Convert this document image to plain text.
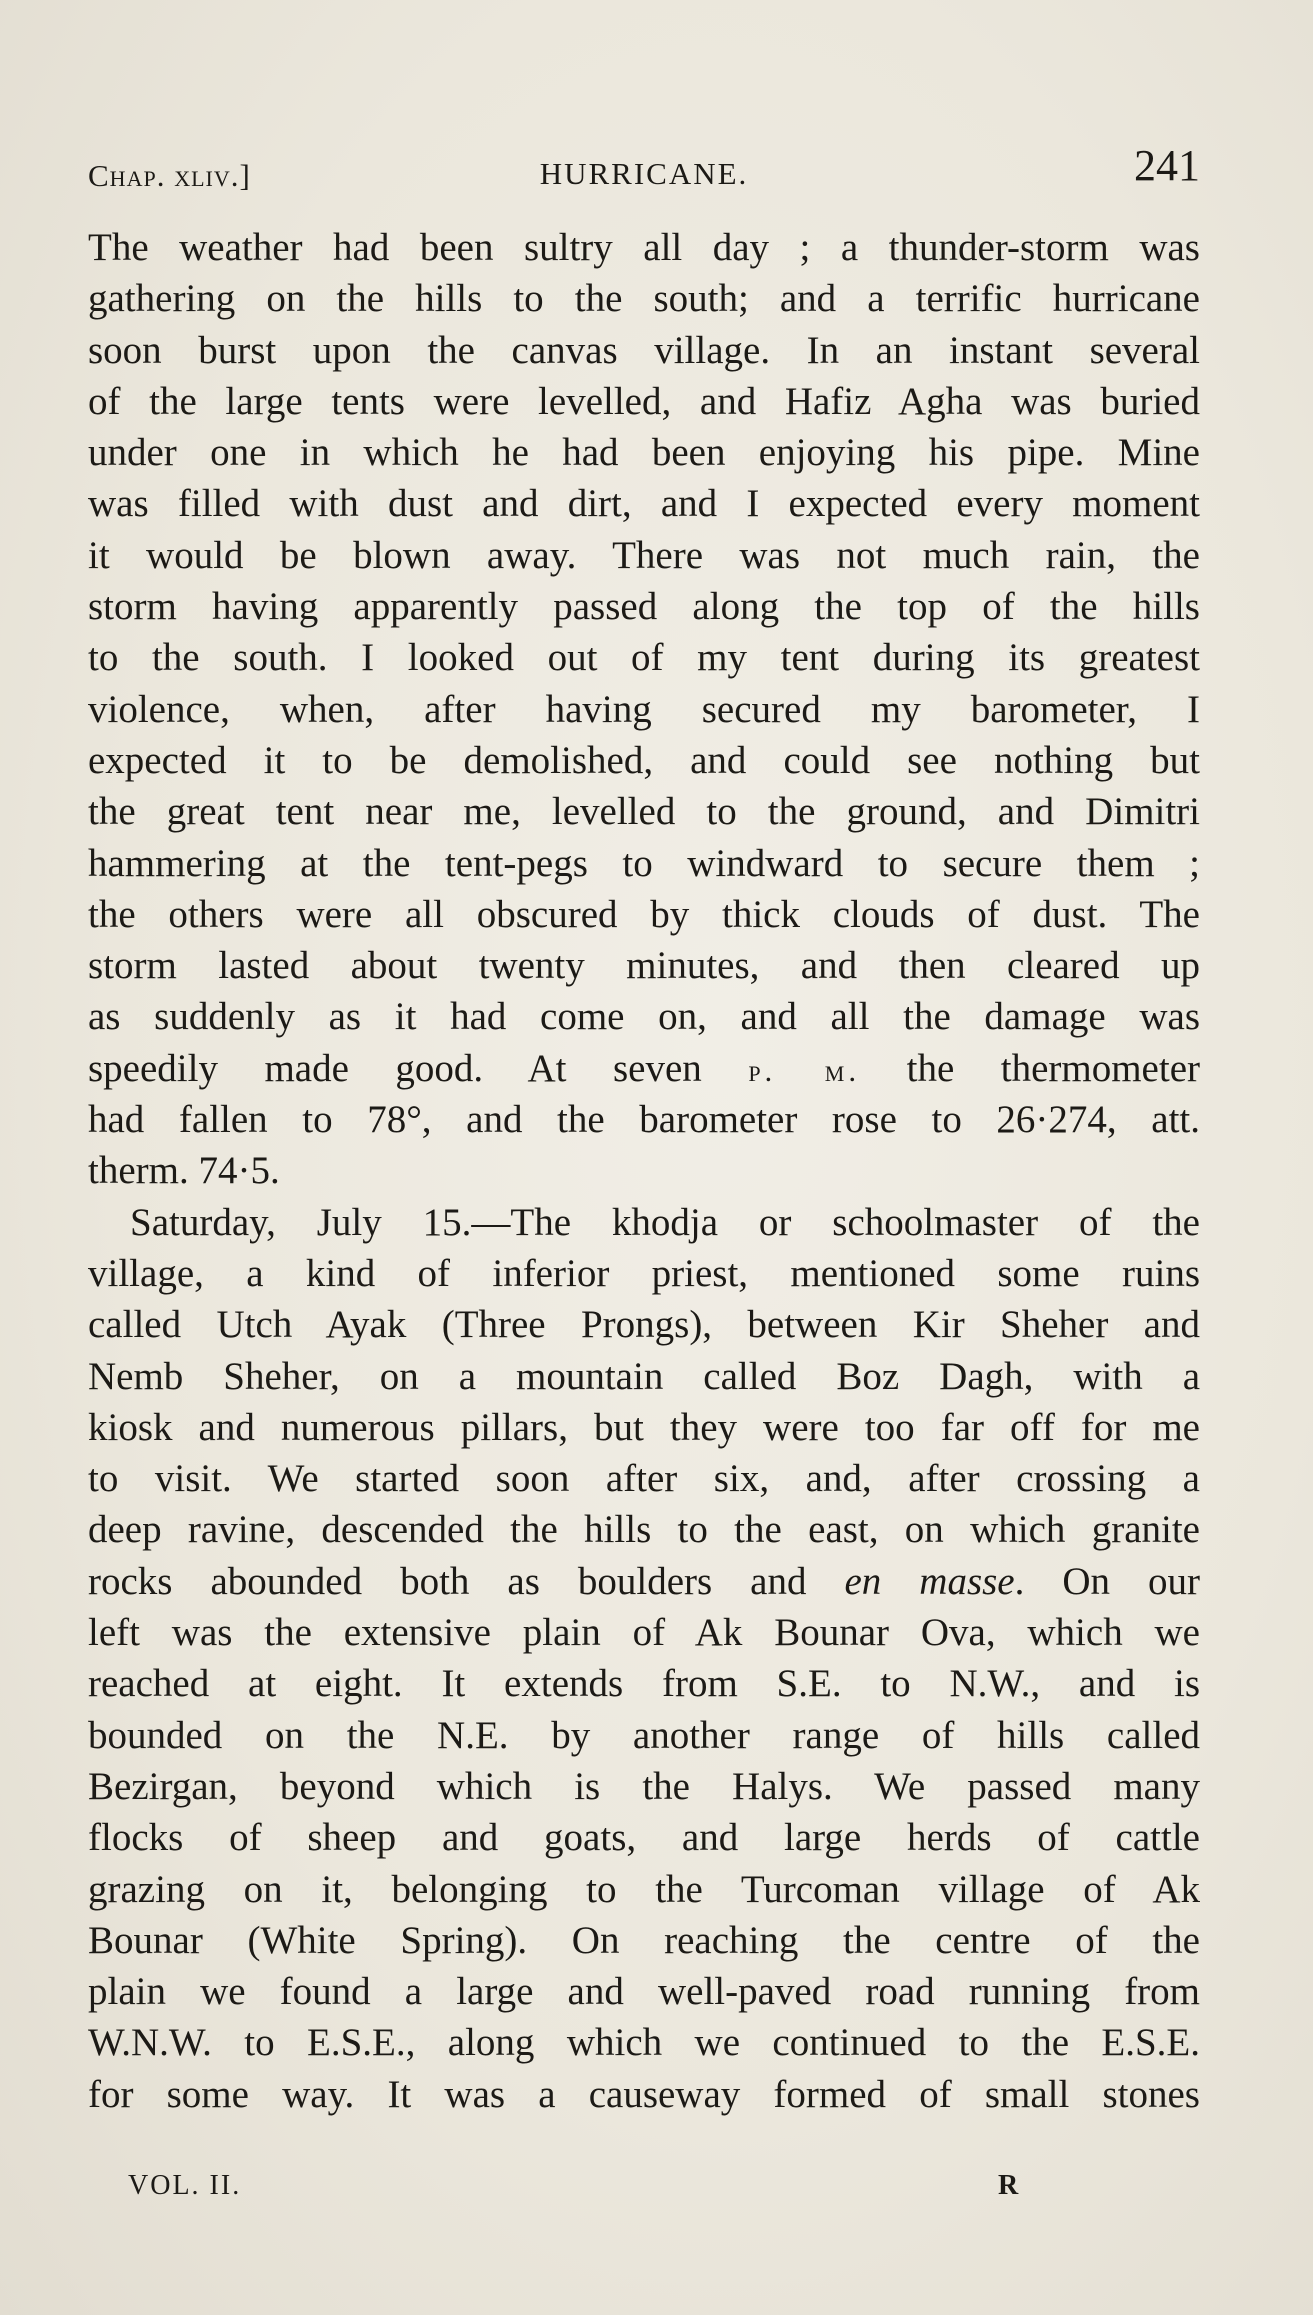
Chap. xliv.]	HURRICANE.	241
The weather had been sultry all day ; a thunder-storm was
gathering on the hills to the south; and a terrific hurricane
soon burst upon the canvas village. In an instant several
of the large tents were levelled, and Hafiz Agha was buried
under one in which he had been enjoying his pipe. Mine
was filled with dust and dirt, and I expected every moment
it would be blown away. There was not much rain, the
storm having apparently passed along the top of the hills
to the south. I looked out of my tent during its greatest
violence, when, after having secured my barometer, I
expected it to be demolished, and could see nothing but
the great tent near me, levelled to the ground, and Dimitri
hammering at the tent-pegs to windward to secure them ;
the others were all obscured by thick clouds of dust. The
storm lasted about twenty minutes, and then cleared up
as suddenly as it had come on, and all the damage was
speedily made good. At seven p. m. the thermometer
had fallen to 78°, and the barometer rose to 26·274, att.
therm. 74·5.
Saturday, July 15.—The khodja or schoolmaster of the
village, a kind of inferior priest, mentioned some ruins
called Utch Ayak (Three Prongs), between Kir Sheher and
Nemb Sheher, on a mountain called Boz Dagh, with a
kiosk and numerous pillars, but they were too far off for me
to visit. We started soon after six, and, after crossing a
deep ravine, descended the hills to the east, on which granite
rocks abounded both as boulders and en masse. On our
left was the extensive plain of Ak Bounar Ova, which we
reached at eight. It extends from S.E. to N.W., and is
bounded on the N.E. by another range of hills called
Bezirgan, beyond which is the Halys. We passed many
flocks of sheep and goats, and large herds of cattle
grazing on it, belonging to the Turcoman village of Ak
Bounar (White Spring). On reaching the centre of the
plain we found a large and well-paved road running from
W.N.W. to E.S.E., along which we continued to the E.S.E.
for some way. It was a causeway formed of small stones
VOL. II.	R
